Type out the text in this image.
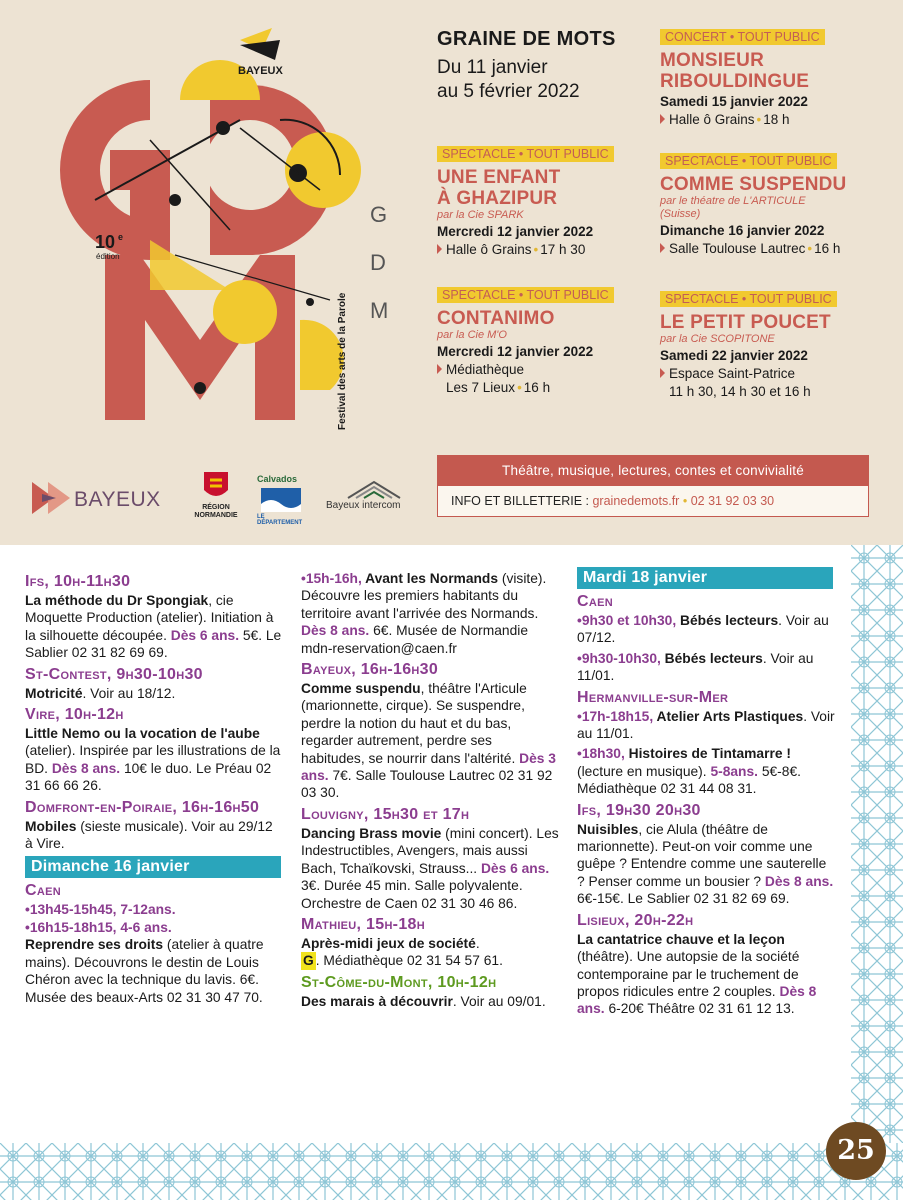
BAYEUX
10 e
édition
G
D
M
Festival des arts de la Parole
BAYEUX	RÉGION NORMANDIE
Calvados
LE DÉPARTEMENT
Bayeux intercom
GRAINE DE MOTS
Du 11 janvier
au 5 février 2022
SPECTACLE • TOUT PUBLIC
UNE ENFANT
À GHAZIPUR
par la Cie SPARK
Mercredi 12 janvier 2022
Halle ô Grains • 17 h 30
SPECTACLE • TOUT PUBLIC
CONTANIMO
par la Cie M'O
Mercredi 12 janvier 2022
Médiathèque
Les 7 Lieux • 16 h
CONCERT • TOUT PUBLIC
MONSIEUR
RIBOULDINGUE
Samedi 15 janvier 2022
Halle ô Grains • 18 h
SPECTACLE • TOUT PUBLIC
COMME SUSPENDU
par le théatre de L'ARTICULE
(Suisse)
Dimanche 16 janvier 2022
Salle Toulouse Lautrec • 16 h
SPECTACLE • TOUT PUBLIC
LE PETIT POUCET
par la Cie SCOPITONE
Samedi 22 janvier 2022
Espace Saint-Patrice
11 h 30, 14 h 30 et 16 h
Théâtre, musique, lectures, contes et convivialité
INFO ET BILLETTERIE : grainedemots.fr • 02 31 92 03 30
Ifs, 10h-11h30

La méthode du Dr Spongiak, cie Moquette Production (atelier). Initiation à la silhouette découpée. Dès 6 ans. 5€. Le Sablier 02 31 82 69 69.

St-Contest, 9h30-10h30

Motricité. Voir au 18/12.

Vire, 10h-12h

Little Nemo ou la vocation de l'aube (atelier). Inspirée par les illustrations de la BD. Dès 8 ans. 10€ le duo. Le Préau 02 31 66 66 26.

Domfront-en-Poiraie, 16h-16h50

Mobiles (sieste musicale). Voir au 29/12 à Vire.

Dimanche 16 janvier
Caen

•13h45-15h45, 7-12ans.
•16h15-18h15, 4-6 ans.
Reprendre ses droits (atelier à quatre mains). Découvrons le destin de Louis Chéron avec la technique du lavis. 6€. Musée des beaux-Arts 02 31 30 47 70.

•15h-16h, Avant les Normands (visite). Découvre les premiers habitants du territoire avant l'arrivée des Normands. Dès 8 ans. 6€. Musée de Normandie mdn-reservation@caen.fr

Bayeux, 16h-16h30

Comme suspendu, théâtre l'Articule (marionnette, cirque). Se suspendre, perdre la notion du haut et du bas, regarder autrement, perdre ses habitudes, se nourrir dans l'altérité. Dès 3 ans. 7€. Salle Toulouse Lautrec 02 31 92 03 30.

Louvigny, 15h30 et 17h

Dancing Brass movie (mini concert). Les Indestructibles, Avengers, mais aussi Bach, Tchaïkovski, Strauss... Dès 6 ans. 3€. Durée 45 min. Salle polyvalente. Orchestre de Caen 02 31 30 46 86.

Mathieu, 15h-18h

Après-midi jeux de société.
G . Médiathèque 02 31 54 57 61.

St-Côme-du-Mont, 10h-12h

Des marais à découvrir. Voir au 09/01.

Mardi 18 janvier
Caen

•9h30 et 10h30, Bébés lecteurs. Voir au 07/12.

•9h30-10h30, Bébés lecteurs. Voir au 11/01.

Hermanville-sur-Mer

•17h-18h15, Atelier Arts Plastiques. Voir au 11/01.

•18h30, Histoires de Tintamarre ! (lecture en musique). 5-8ans. 5€-8€. Médiathèque 02 31 44 08 31.

Ifs, 19h30 20h30

Nuisibles, cie Alula (théâtre de marionnette). Peut-on voir comme une guêpe ? Entendre comme une sauterelle ? Penser comme un bousier ? Dès 8 ans. 6€-15€. Le Sablier 02 31 82 69 69.

Lisieux, 20h-22h

La cantatrice chauve et la leçon (théâtre). Une autopsie de la société contemporaine par le truchement de propos ridicules entre 2 couples. Dès 8 ans. 6-20€ Théâtre 02 31 61 12 13.

25
